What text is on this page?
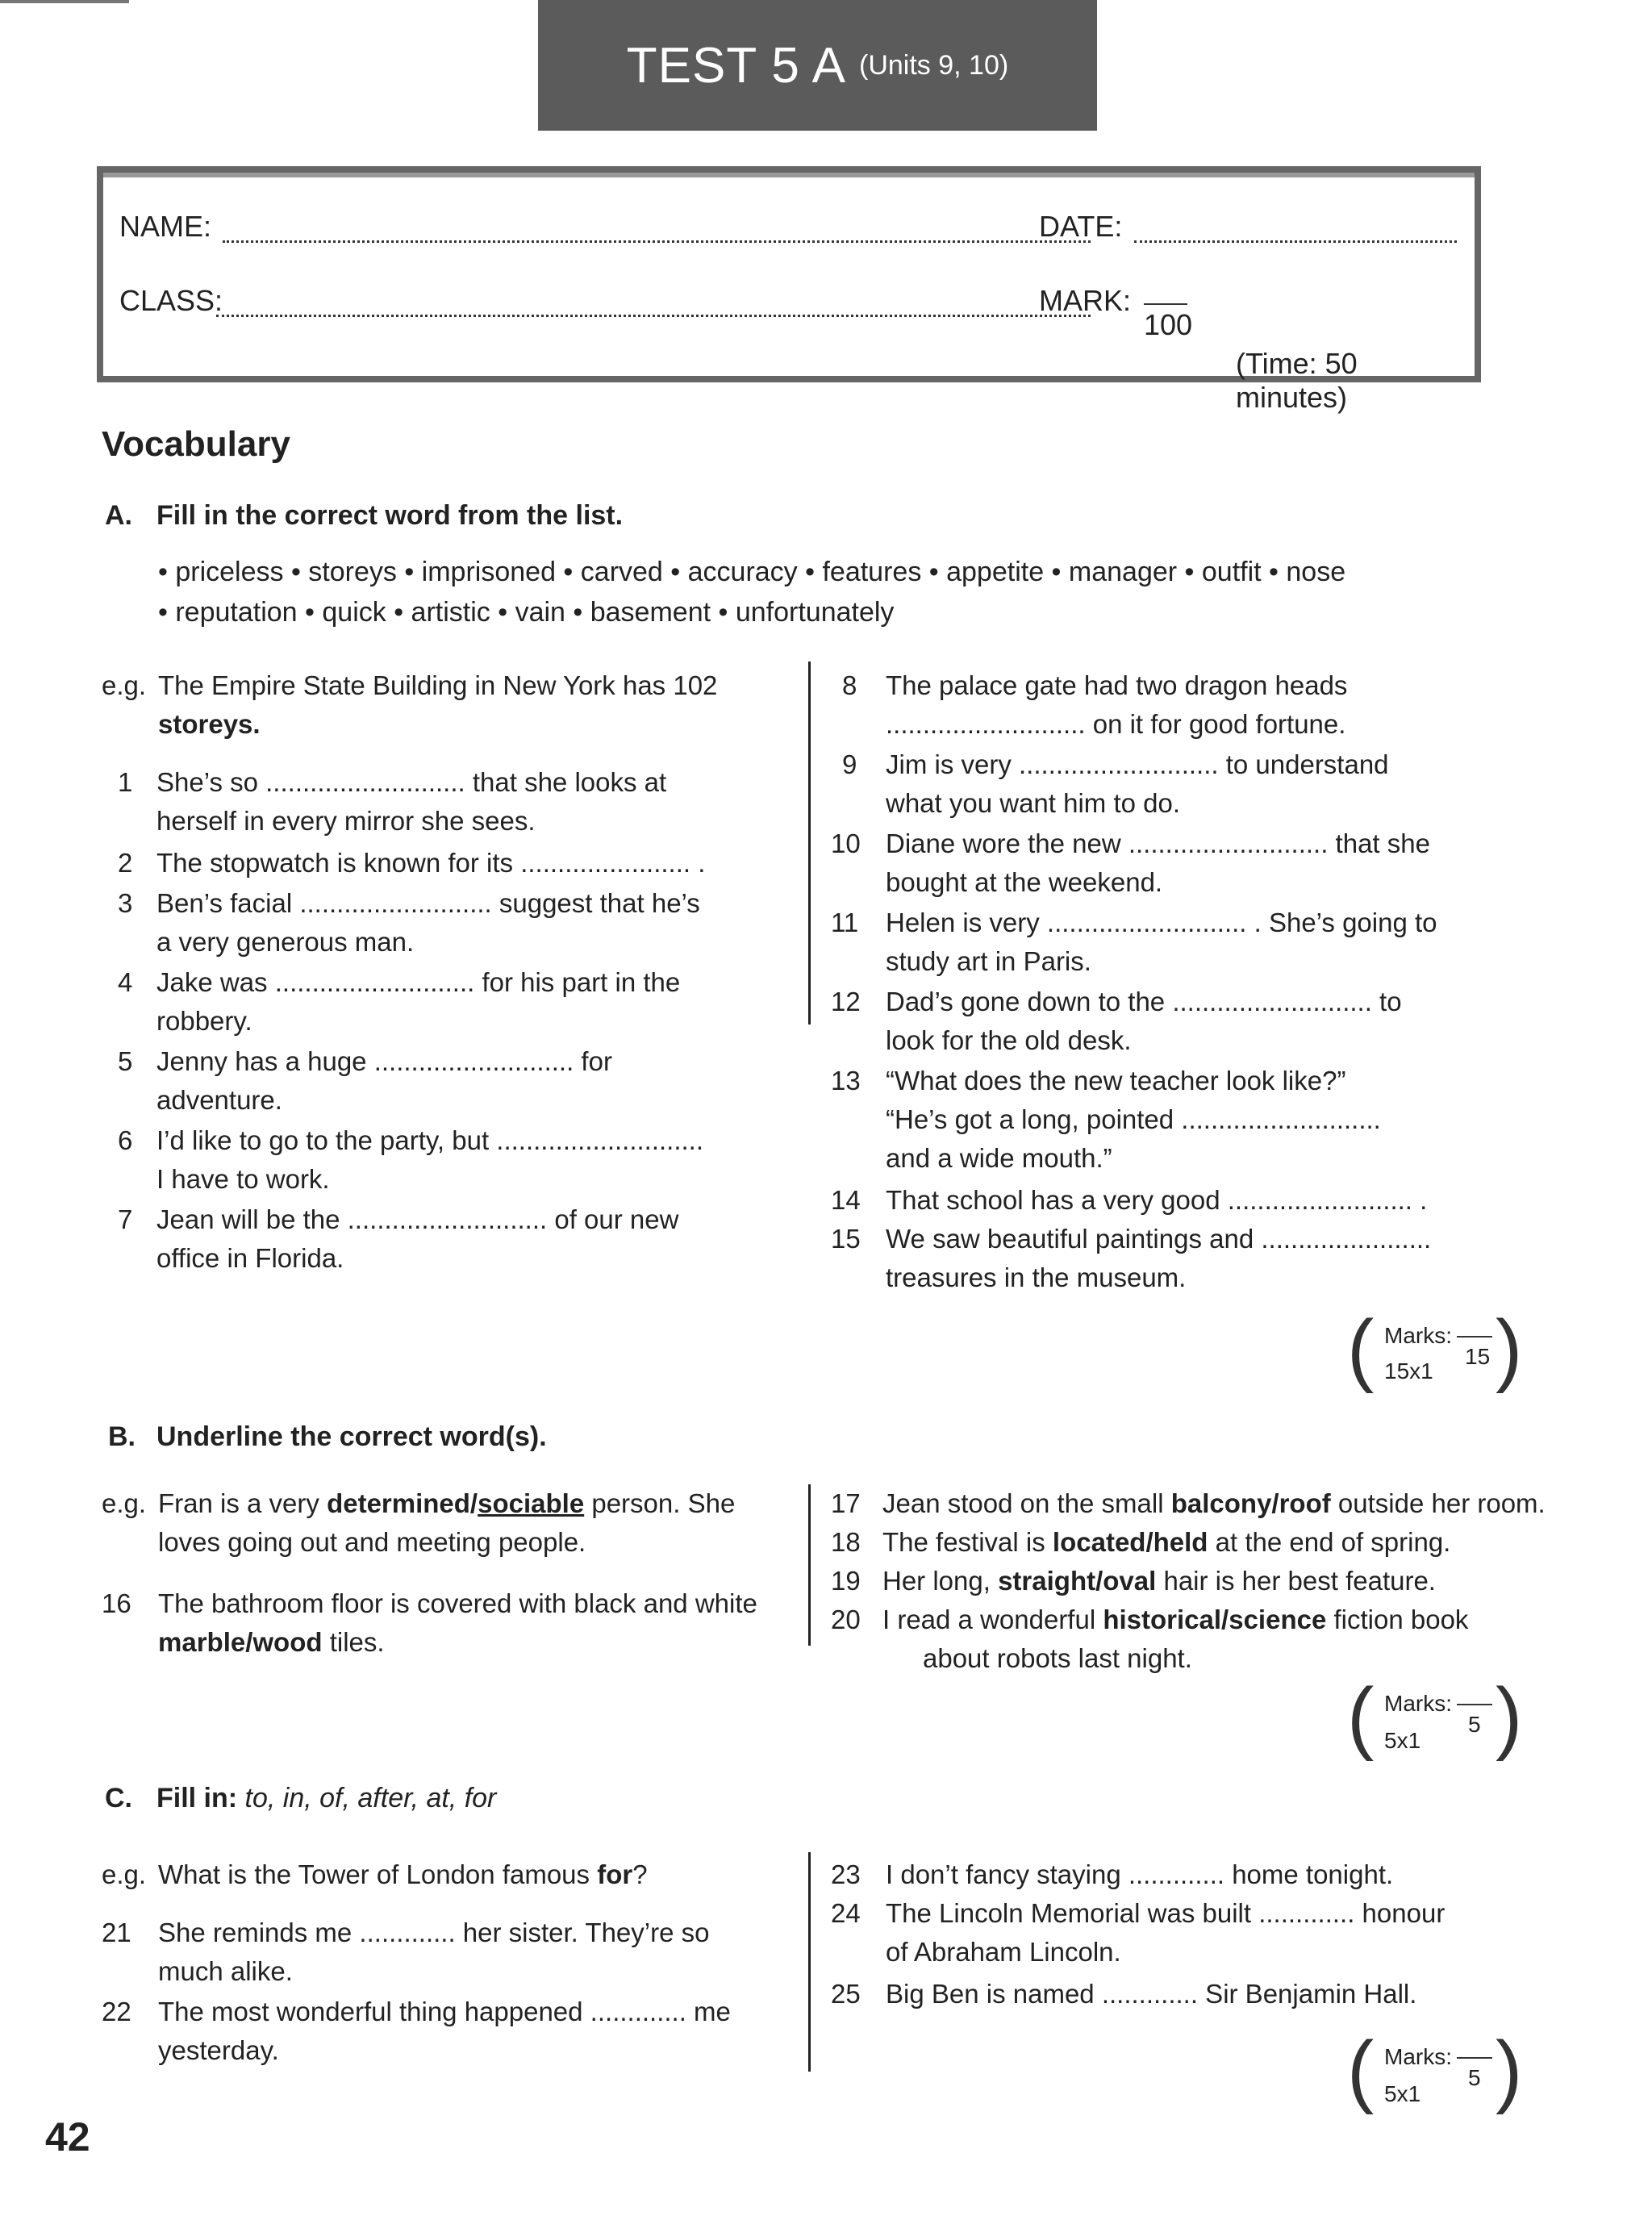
TEST 5 A (Units 9, 10)
NAME:	DATE:
CLASS:	MARK:
100
(Time: 50 minutes)
Vocabulary
A. Fill in the correct word from the list.
• priceless • storeys • imprisoned • carved • accuracy • features • appetite • manager • outfit • nose
• reputation • quick • artistic • vain • basement • unfortunately
e.g. The Empire State Building in New York has 102
storeys.
1 She’s so ........................... that she looks at
herself in every mirror she sees.
2 The stopwatch is known for its ....................... .
3 Ben’s facial .......................... suggest that he’s
a very generous man.
4 Jake was ........................... for his part in the
robbery.
5 Jenny has a huge ........................... for
adventure.
6 I’d like to go to the party, but ............................
I have to work.
7 Jean will be the ........................... of our new
office in Florida.
8 The palace gate had two dragon heads
........................... on it for good fortune.
9 Jim is very ........................... to understand
what you want him to do.
10 Diane wore the new ........................... that she
bought at the weekend.
11 Helen is very ........................... . She’s going to
study art in Paris.
12 Dad’s gone down to the ........................... to
look for the old desk.
13 “What does the new teacher look like?”
“He’s got a long, pointed ...........................
and a wide mouth.”
14 That school has a very good ......................... .
15 We saw beautiful paintings and .......................
treasures in the museum.
( Marks:
15
15x1 )
B. Underline the correct word(s).
e.g. Fran is a very determined/sociable person. She
loves going out and meeting people.
16 The bathroom floor is covered with black and white
marble/wood tiles.
17 Jean stood on the small balcony/roof outside her room.
18 The festival is located/held at the end of spring.
19 Her long, straight/oval hair is her best feature.
20 I read a wonderful historical/science fiction book
about robots last night.
( Marks:
5
5x1 )
C. Fill in: to, in, of, after, at, for
e.g. What is the Tower of London famous for?
21 She reminds me ............. her sister. They’re so
much alike.
22 The most wonderful thing happened ............. me
yesterday.
23 I don’t fancy staying ............. home tonight.
24 The Lincoln Memorial was built ............. honour
of Abraham Lincoln.
25 Big Ben is named ............. Sir Benjamin Hall.
( Marks:
5
5x1 )
42
